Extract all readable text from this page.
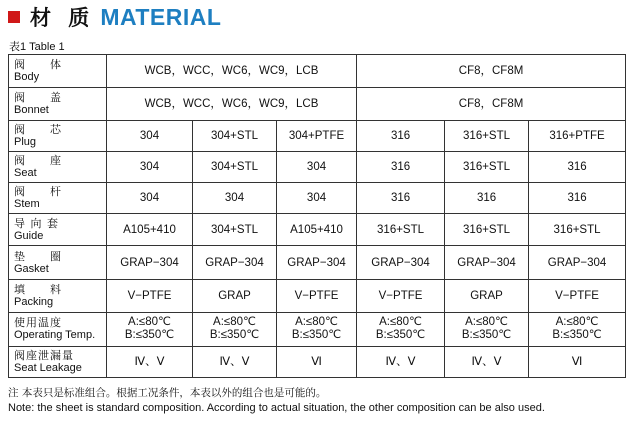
材 质 MATERIAL
表1 Table 1
阀　　体
Body	WCB，WCC，WC6，WC9，LCB			CF8，CF8M		

阀　　盖
Bonnet	WCB，WCC，WC6，WC9，LCB			CF8，CF8M		

阀　　芯
Plug	304	304+STL	304+PTFE	316	316+STL	316+PTFE

阀　　座
Seat	304	304+STL	304	316	316+STL	316

阀　　杆
Stem	304	304	304	316	316	316

导 向 套
Guide	A105+410	304+STL	A105+410	316+STL	316+STL	316+STL

垫　　圈
Gasket	GRAP−304	GRAP−304	GRAP−304	GRAP−304	GRAP−304	GRAP−304

填　　料
Packing	V−PTFE	GRAP	V−PTFE	V−PTFE	GRAP	V−PTFE

使用温度
Operating Temp.	A:≤80℃
B:≤350℃	A:≤80℃
B:≤350℃	A:≤80℃
B:≤350℃	A:≤80℃
B:≤350℃	A:≤80℃
B:≤350℃	A:≤80℃
B:≤350℃

阀座泄漏量
Seat Leakage	Ⅳ、Ⅴ	Ⅳ、Ⅴ	Ⅵ	Ⅳ、Ⅴ	Ⅳ、Ⅴ	Ⅵ
注 本表只是标准组合。根据工况条件，本表以外的组合也是可能的。
Note: the sheet is standard composition. According to actual situation, the other composition can be also used.
